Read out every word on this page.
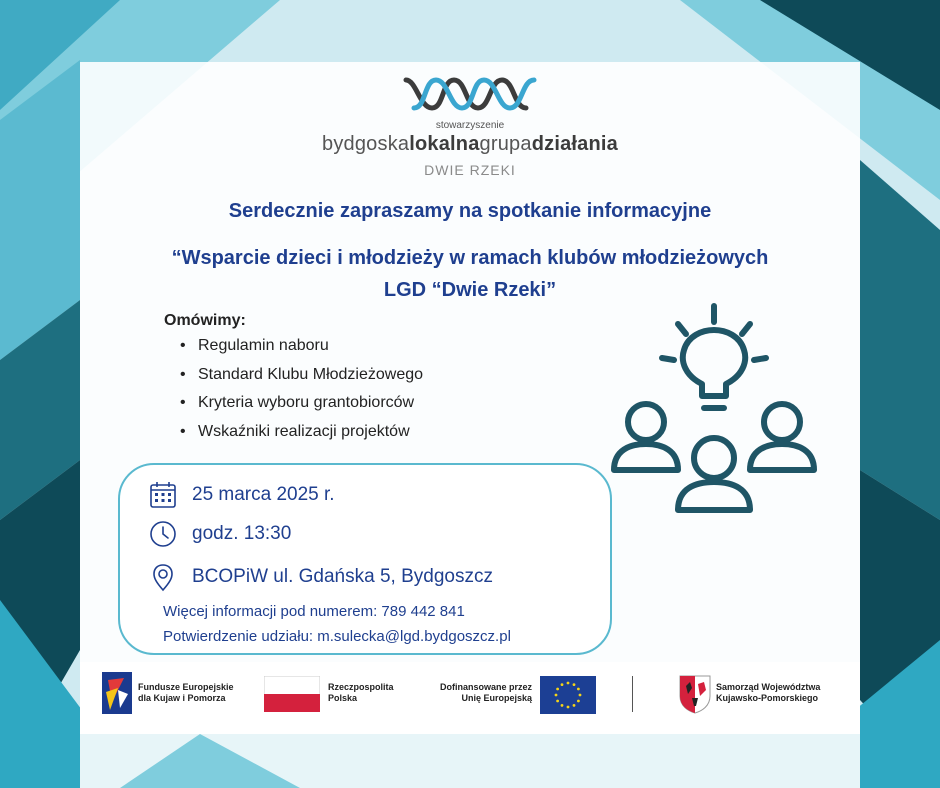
stowarzyszenie
bydgoskalokalnagrupadziałania
DWIE RZEKI
Serdecznie zapraszamy na spotkanie informacyjne
“Wsparcie dzieci i młodzieży w ramach klubów młodzieżowych
LGD “Dwie Rzeki”
Omówimy:
• Regulamin naboru
• Standard Klubu Młodzieżowego
• Kryteria wyboru grantobiorców
• Wskaźniki realizacji projektów
25 marca 2025 r.
godz. 13:30
BCOPiW ul. Gdańska 5, Bydgoszcz
Więcej informacji pod numerem: 789 442 841
Potwierdzenie udziału: m.sulecka@lgd.bydgoszcz.pl
Fundusze Europejskie
dla Kujaw i Pomorza
Rzeczpospolita
Polska
Dofinansowane przez
Unię Europejską
Samorząd Województwa
Kujawsko-Pomorskiego
